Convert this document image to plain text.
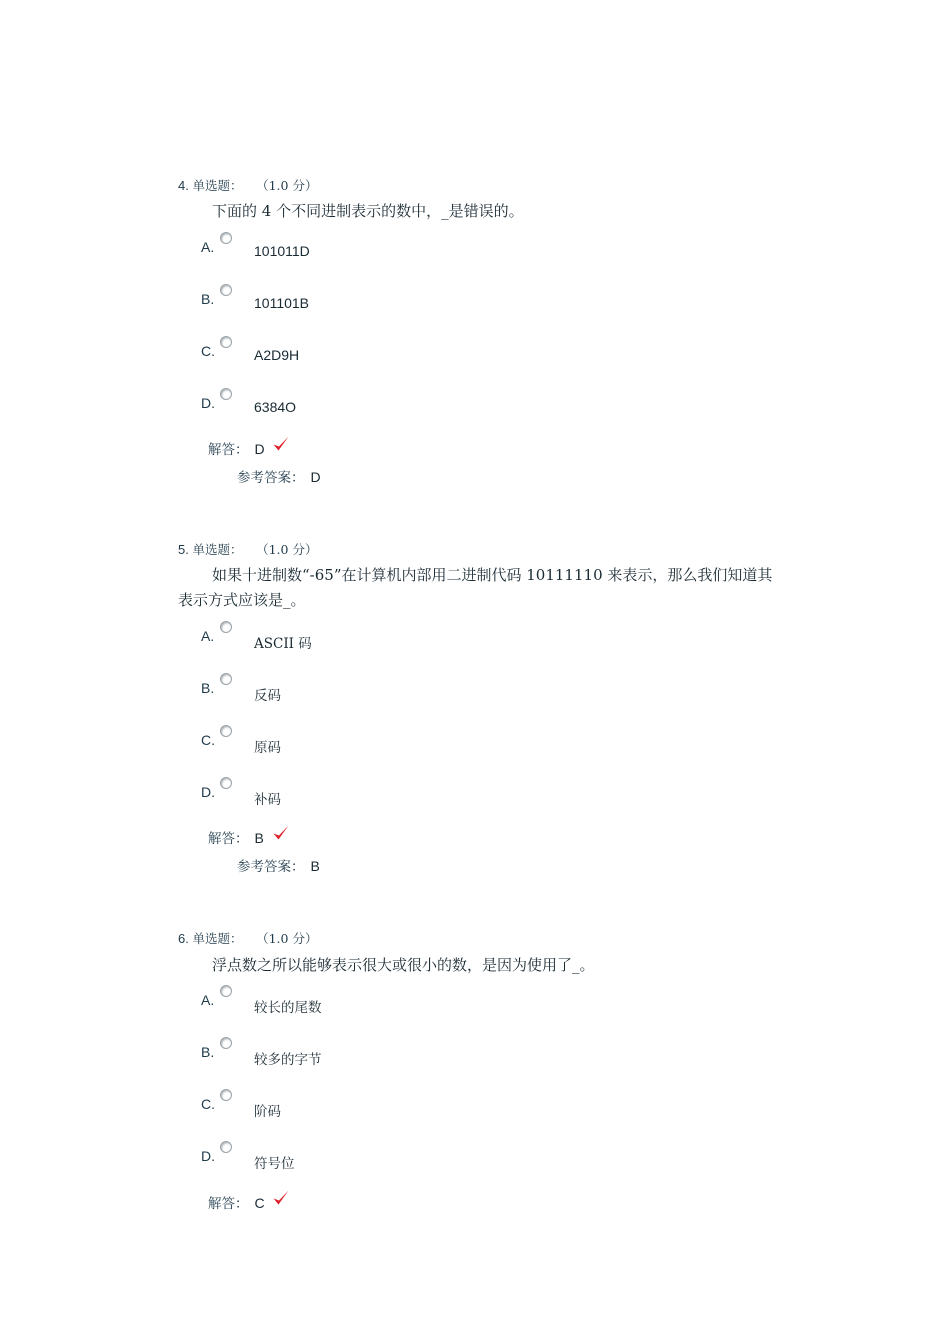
4. 单选题： （1.0 分）
下面的 4 个不同进制表示的数中，_是错误的。
A.	101011D
B.	101101B
C.	A2D9H
D.	6384O
解答： D
参考答案： D
5. 单选题： （1.0 分）
如果十进制数“-65”在计算机内部用二进制代码 10111110 来表示，那么我们知道其表示方式应该是_。
A.	ASCII 码
B.	反码
C.	原码
D.	补码
解答： B
参考答案： B
6. 单选题： （1.0 分）
浮点数之所以能够表示很大或很小的数，是因为使用了_。
A.	较长的尾数
B.	较多的字节
C.	阶码
D.	符号位
解答： C
